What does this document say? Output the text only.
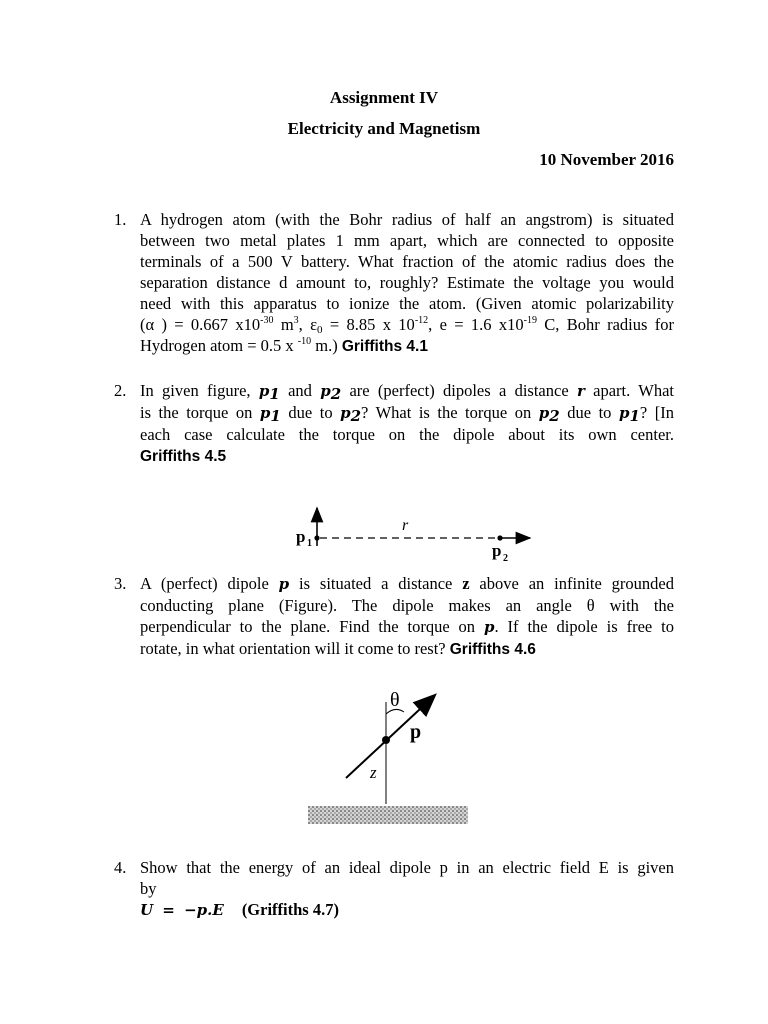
Assignment IV
Electricity and Magnetism
10 November 2016
1. A hydrogen atom (with the Bohr radius of half an angstrom) is situated
between two metal plates 1 mm apart, which are connected to opposite
terminals of a 500 V battery. What fraction of the atomic radius does the
separation distance d amount to, roughly? Estimate the voltage you would
need with this apparatus to ionize the atom. (Given atomic polarizability
(α ) = 0.667 $x10^{-30}$ $m^3$, $\varepsilon_0 = 8.85$ x $10^{-12}$, e = 1.6 $x10^{-19}$ C, Bohr radius for
Hydrogen atom = 0.5 x $^{-10}$ m.) Griffiths 4.1
2. In given figure, $p_1$ and $p_2$ are (perfect) dipoles a distance r apart. What
is the torque on $p_1$ due to $p_2$? What is the torque on $p_2$ due to $p_1$? [In
each case calculate the torque on the dipole about its own center.
Griffiths 4.5
p 1
r
p 2
3. A (perfect) dipole p is situated a distance z above an infinite grounded
conducting plane (Figure). The dipole makes an angle θ with the
perpendicular to the plane. Find the torque on p. If the dipole is free to
rotate, in what orientation will it come to rest? Griffiths 4.6
θ
p
z
4. Show that the energy of an ideal dipole p in an electric field E is given
by
U = −p.E (Griffiths 4.7)
